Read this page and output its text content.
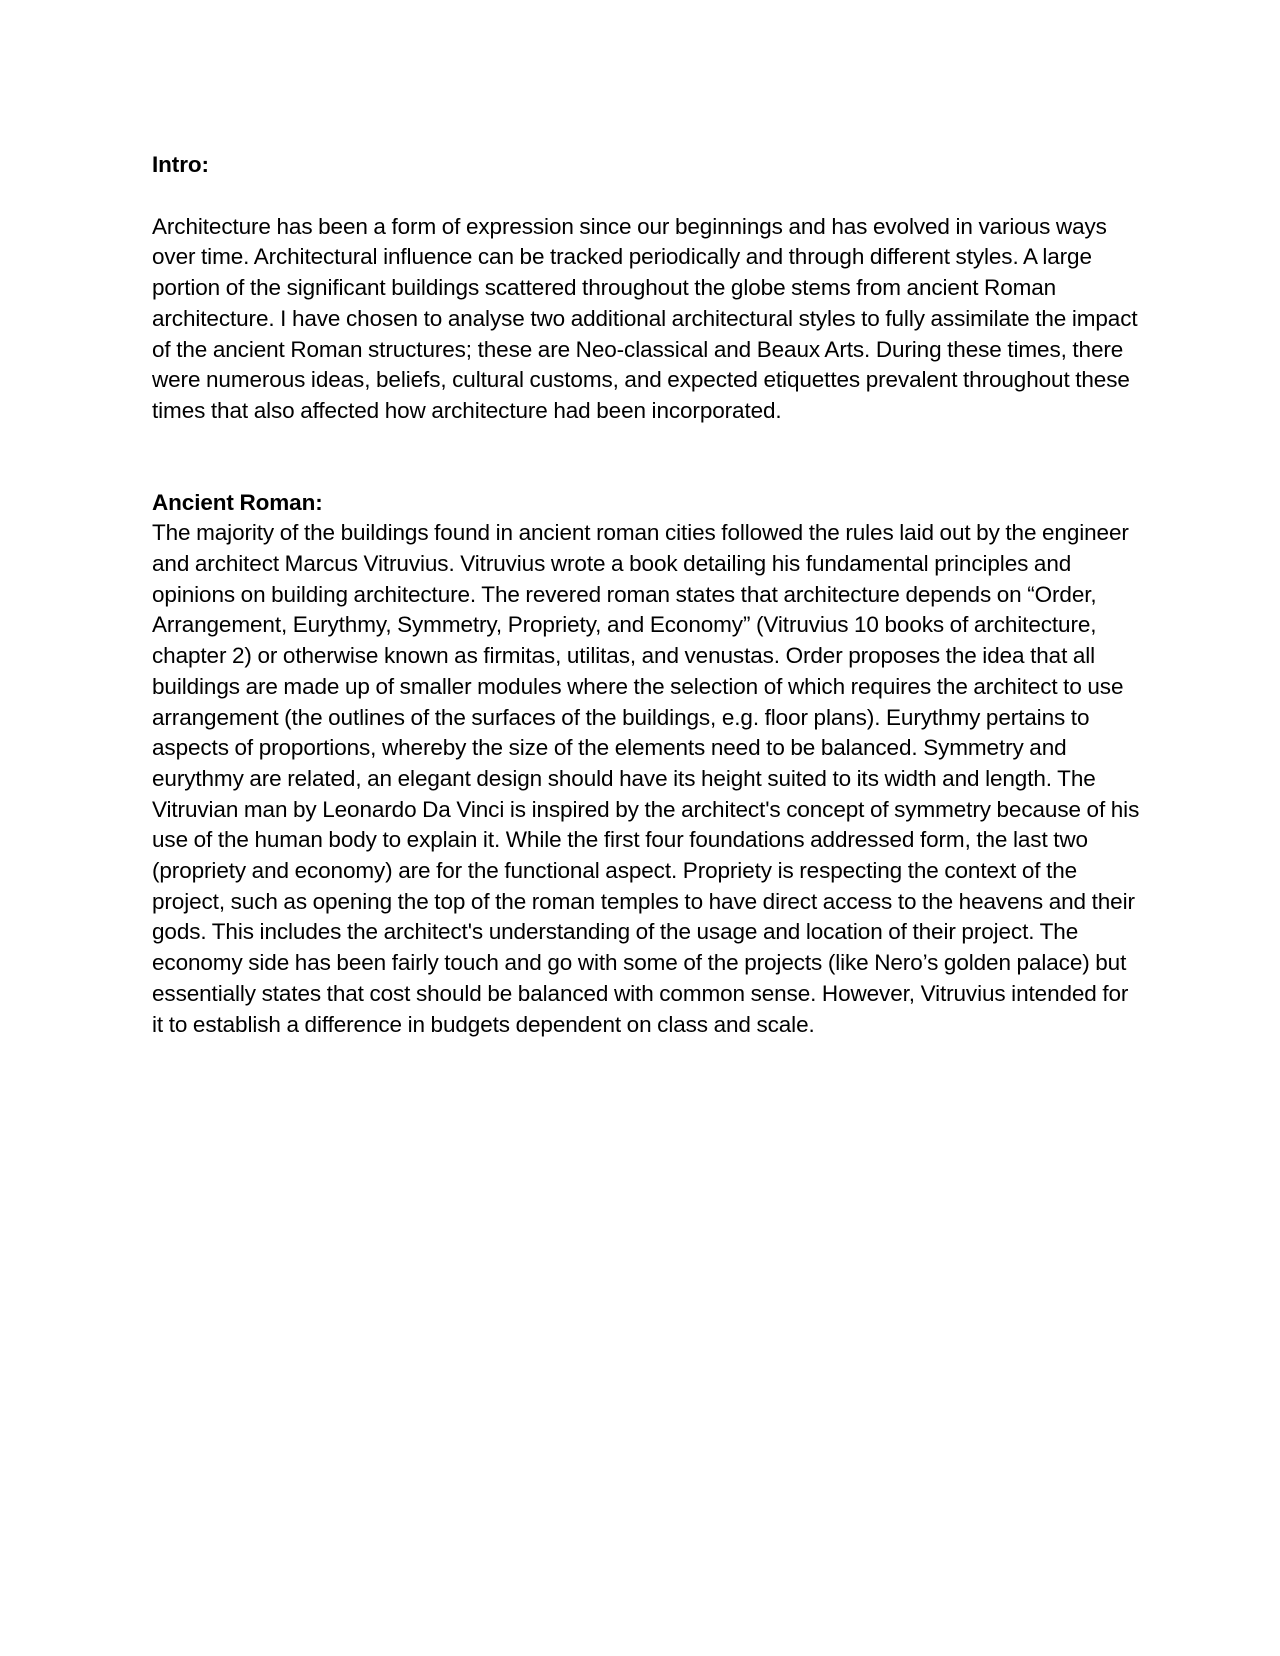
Intro:

Architecture has been a form of expression since our beginnings and has evolved in various ways over time. Architectural influence can be tracked periodically and through different styles. A large portion of the significant buildings scattered throughout the globe stems from ancient Roman architecture. I have chosen to analyse two additional architectural styles to fully assimilate the impact of the ancient Roman structures; these are Neo-classical and Beaux Arts. During these times, there were numerous ideas, beliefs, cultural customs, and expected etiquettes prevalent throughout these times that also affected how architecture had been incorporated.

Ancient Roman:

The majority of the buildings found in ancient roman cities followed the rules laid out by the engineer and architect Marcus Vitruvius. Vitruvius wrote a book detailing his fundamental principles and opinions on building architecture. The revered roman states that architecture depends on “Order, Arrangement, Eurythmy, Symmetry, Propriety, and Economy” (Vitruvius 10 books of architecture, chapter 2) or otherwise known as firmitas, utilitas, and venustas. Order proposes the idea that all buildings are made up of smaller modules where the selection of which requires the architect to use arrangement (the outlines of the surfaces of the buildings, e.g. floor plans). Eurythmy pertains to aspects of proportions, whereby the size of the elements need to be balanced. Symmetry and eurythmy are related, an elegant design should have its height suited to its width and length. The Vitruvian man by Leonardo Da Vinci is inspired by the architect's concept of symmetry because of his use of the human body to explain it. While the first four foundations addressed form, the last two (propriety and economy) are for the functional aspect. Propriety is respecting the context of the project, such as opening the top of the roman temples to have direct access to the heavens and their gods. This includes the architect's understanding of the usage and location of their project. The economy side has been fairly touch and go with some of the projects (like Nero’s golden palace) but essentially states that cost should be balanced with common sense. However, Vitruvius intended for it to establish a difference in budgets dependent on class and scale.
